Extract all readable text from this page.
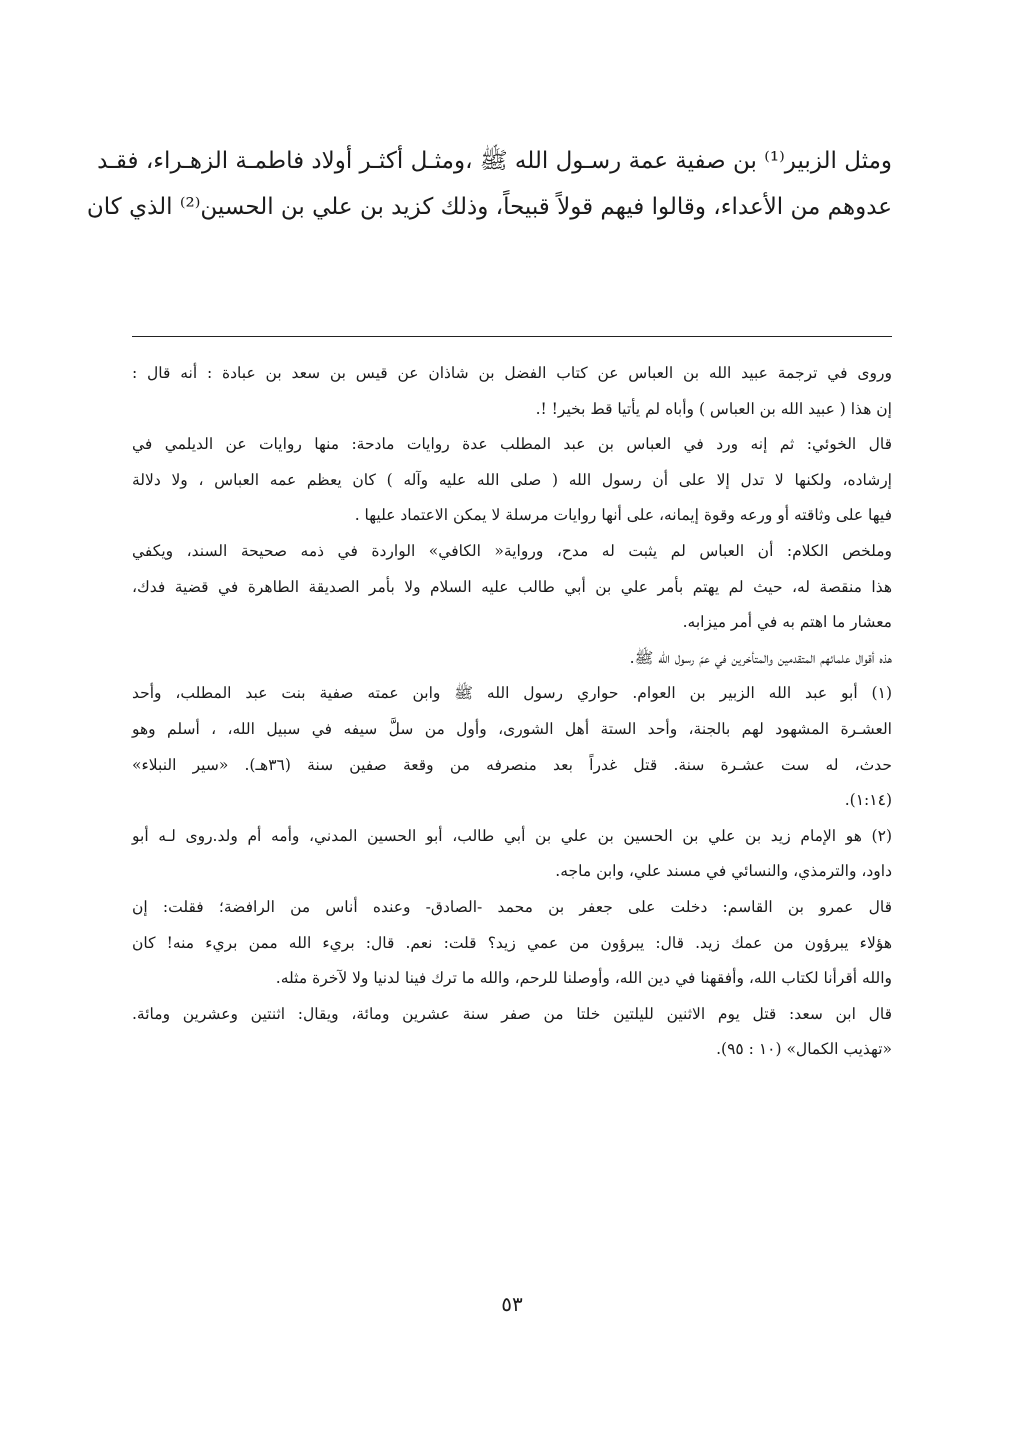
ومثل الزبير⁽¹⁾ بن صفية عمة رسـول الله ﷺ ،ومثـل أكثـر أولاد فاطمـة الزهـراء، فقـد
عدوهم من الأعداء، وقالوا فيهم قولاً قبيحاً، وذلك كزيد بن علي بن الحسين⁽²⁾ الذي كان
وروى في ترجمة عبيد الله بن العباس عن كتاب الفضل بن شاذان عن قيس بن سعد بن عبادة : أنه قال :
إن هذا ( عبيد الله بن العباس ) وأباه لم يأتيا قط بخير! !.
قال الخوئي: ثم إنه ورد في العباس بن عبد المطلب عدة روايات مادحة: منها روايات عن الديلمي في
إرشاده، ولكنها لا تدل إلا على أن رسول الله ( صلى الله عليه وآله ) كان يعظم عمه العباس ، ولا دلالة
فيها على وثاقته أو ورعه وقوة إيمانه، على أنها روايات مرسلة لا يمكن الاعتماد عليها .
وملخص الكلام: أن العباس لم يثبت له مدح، ورواية« الكافي» الواردة في ذمه صحيحة السند، ويكفي
هذا منقصة له، حيث لم يهتم بأمر علي بن أبي طالب عليه السلام ولا بأمر الصديقة الطاهرة في قضية فدك،
معشار ما اهتم به في أمر ميزابه.
هذه أقوال علمائهم المتقدمين والمتأخرين في عمّ رسول الله ﷺ.
(١) أبو عبد الله الزبير بن العوام. حواري رسول الله ﷺ وابن عمته صفية بنت عبد المطلب، وأحد
العشـرة المشهود لهم بالجنة، وأحد الستة أهل الشورى، وأول من سلَّ سيفه في سبيل الله، ، أسلم وهو
حدث، له ست عشـرة سنة. قتل غدراً بعد منصرفه من وقعة صفين سنة (٣٦هـ). «سير النبلاء»
(١:١٤).
(٢) هو الإمام زيد بن علي بن الحسين بن علي بن أبي طالب، أبو الحسين المدني، وأمه أم ولد.روى لـه أبو
داود، والترمذي، والنسائي في مسند علي، وابن ماجه.
قال عمرو بن القاسم: دخلت على جعفر بن محمد -الصادق- وعنده أناس من الرافضة؛ فقلت: إن
هؤلاء يبرؤون من عمك زيد. قال: يبرؤون من عمي زيد؟ قلت: نعم. قال: بريء الله ممن بريء منه! كان
والله أقرأنا لكتاب الله، وأفقهنا في دين الله، وأوصلنا للرحم، والله ما ترك فينا لدنيا ولا لآخرة مثله.
قال ابن سعد: قتل يوم الاثنين لليلتين خلتا من صفر سنة عشرين ومائة، ويقال: اثنتين وعشرين ومائة.
«تهذيب الكمال» (١٠ : ٩٥).
٥٣
